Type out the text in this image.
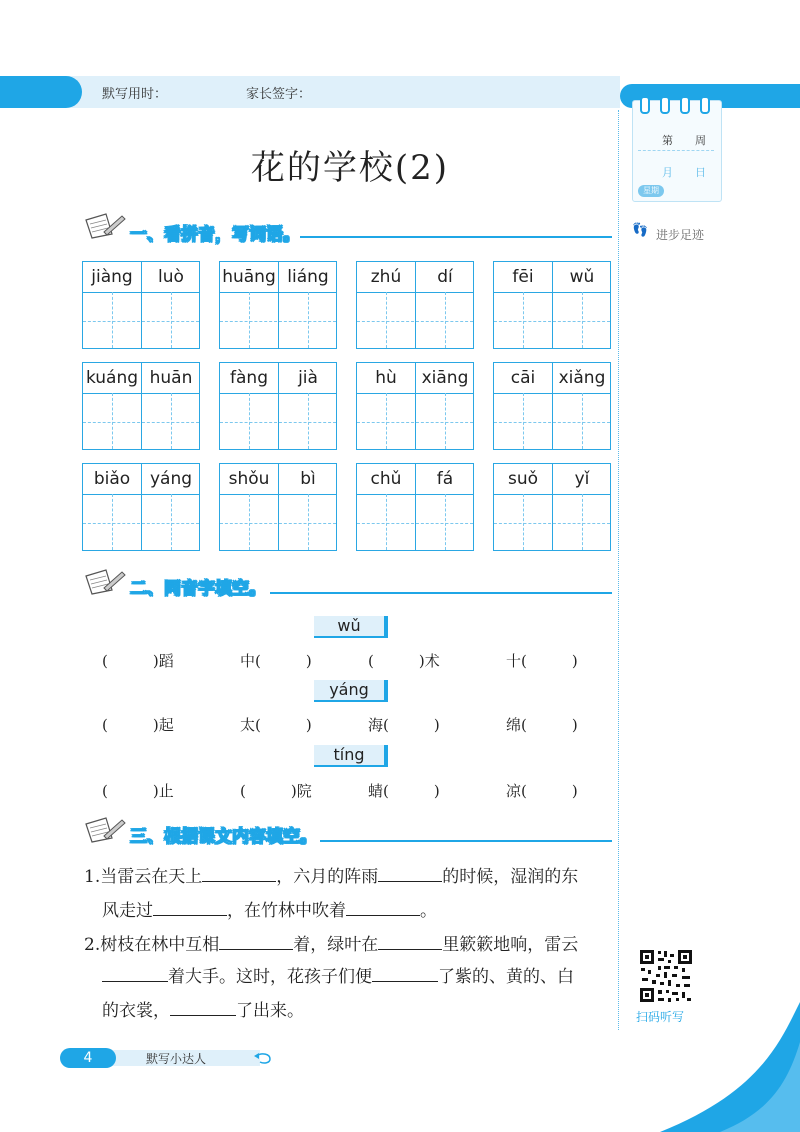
默写用时：	家长签字：
第　　周
月　　日
星期
👣 进步足迹
花的学校(2)
一、看拼音，写词语。
jiàng	luò	huāng liáng	zhú	dí	fēi	wǔ
kuáng huān	fàng	jià	hù	xiāng	cāi	xiǎng
biǎo	yáng	shǒu	bì	chǔ	fá	suǒ	yǐ
二、同音字填空。
wǔ
(　　　)蹈	中(　　　)	(　　　)术	十(　　　)
yáng
(　　　)起	太(　　　)	海(　　　)	绵(　　　)
tíng
(　　　)止	(　　　)院	蜻(　　　)	凉(　　　)
三、根据课文内容填空。
1.当雷云在天上	，六月的阵雨	的时候，湿润的东
风走过	，在竹林中吹着	。
2.树枝在林中互相	着，绿叶在	里簌簌地响，雷云
着大手。这时，花孩子们便	了紫的、黄的、白
的衣裳，	了出来。	扫码听写
4	默写小达人
